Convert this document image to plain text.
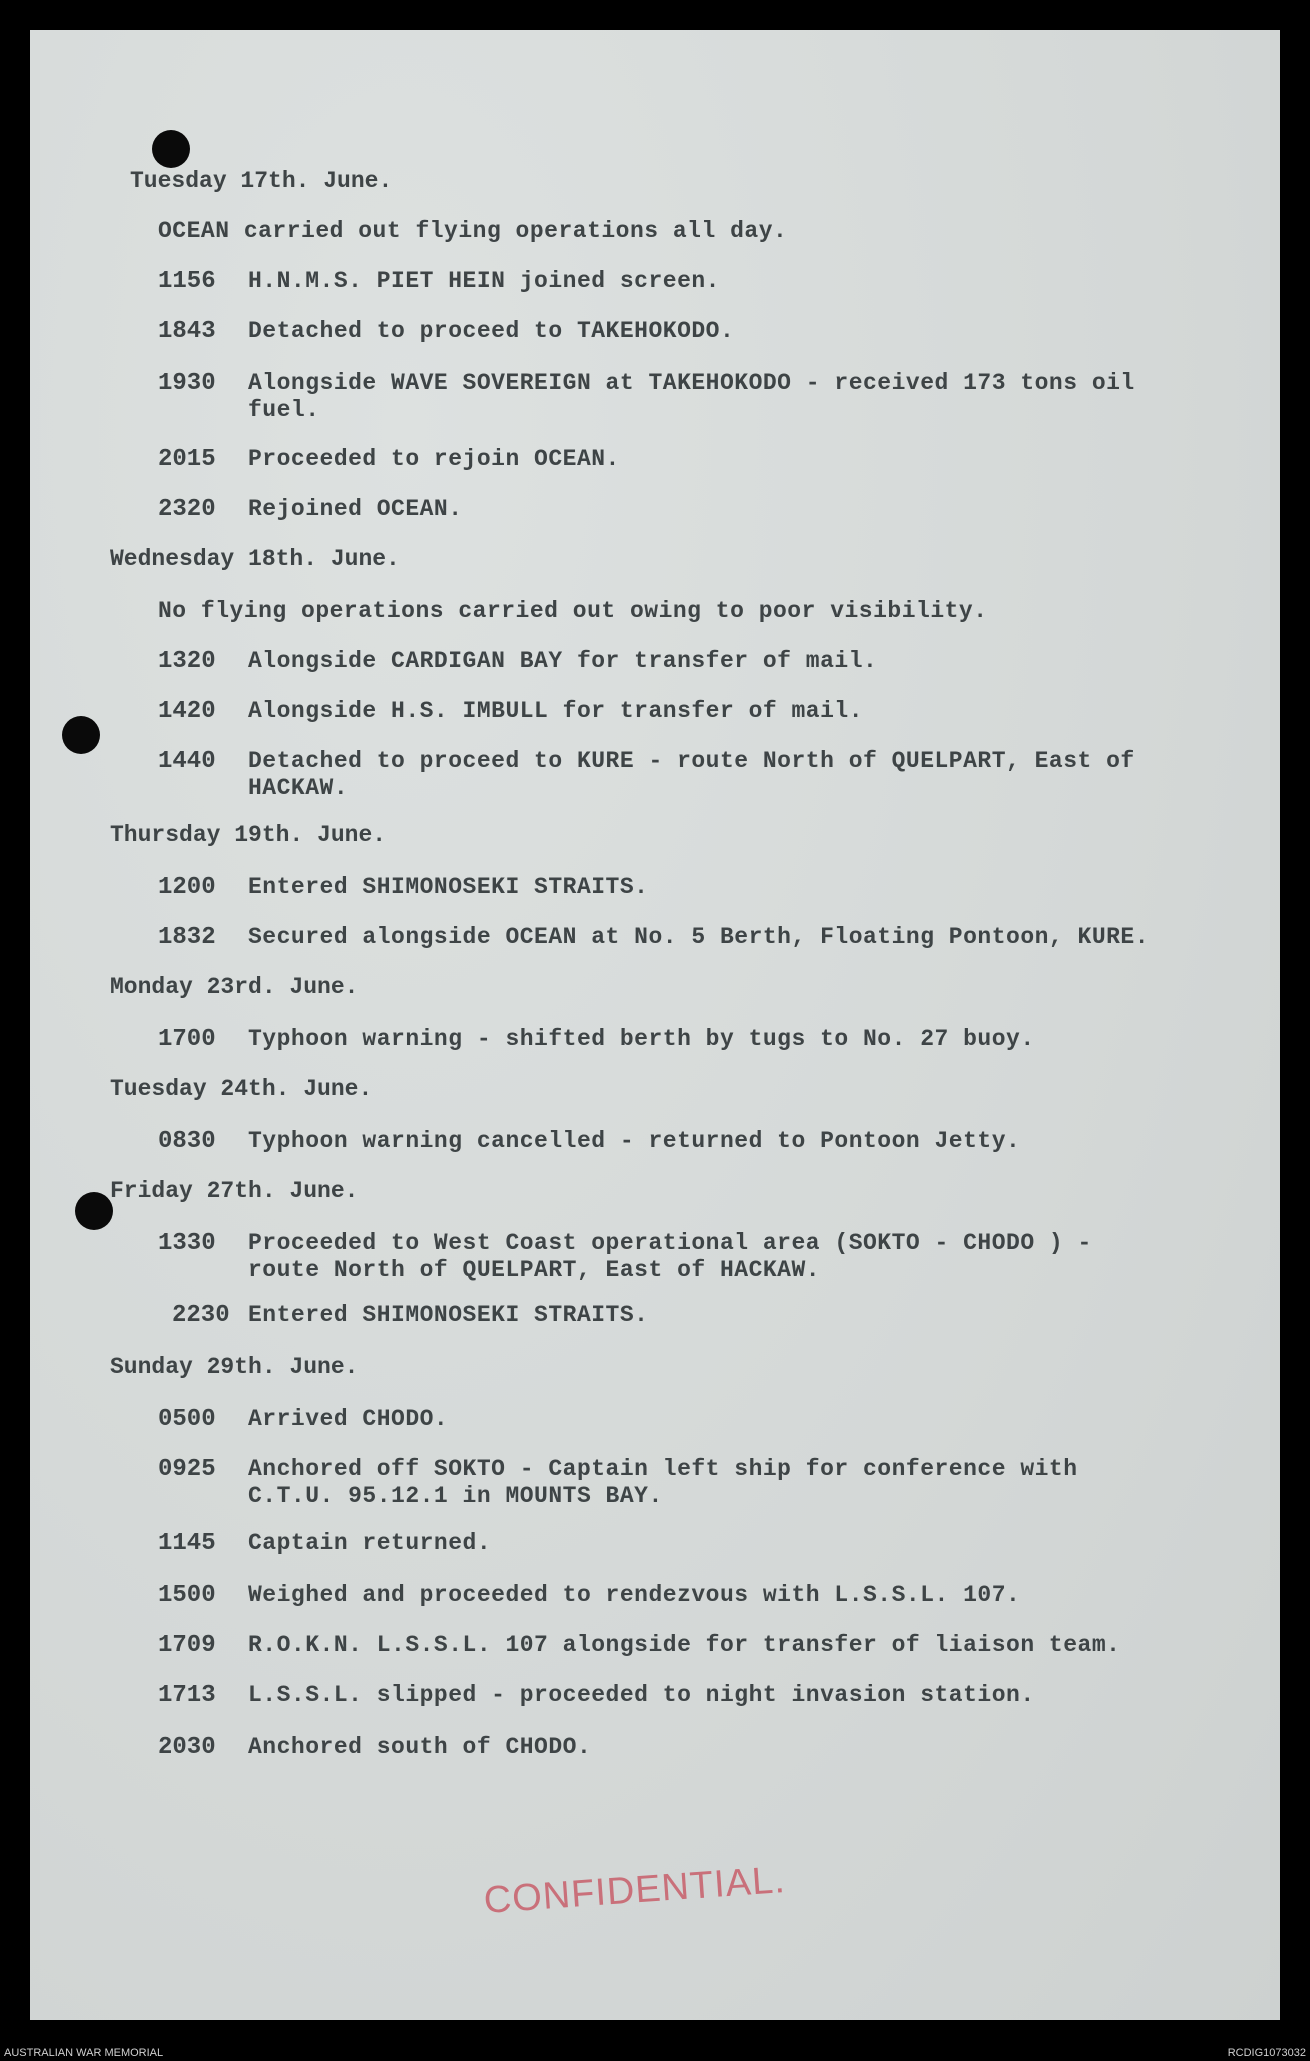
Tuesday 17th. June.
OCEAN carried out flying operations all day.
1156 H.N.M.S. PIET HEIN joined screen.
1843 Detached to proceed to TAKEHOKODO.
1930 Alongside WAVE SOVEREIGN at TAKEHOKODO - received 173 tons oil
fuel.
2015 Proceeded to rejoin OCEAN.
2320 Rejoined OCEAN.
Wednesday 18th. June.
No flying operations carried out owing to poor visibility.
1320 Alongside CARDIGAN BAY for transfer of mail.
1420 Alongside H.S. IMBULL for transfer of mail.
1440 Detached to proceed to KURE - route North of QUELPART, East of
HACKAW.
Thursday 19th. June.
1200 Entered SHIMONOSEKI STRAITS.
1832 Secured alongside OCEAN at No. 5 Berth, Floating Pontoon, KURE.
Monday 23rd. June.
1700 Typhoon warning - shifted berth by tugs to No. 27 buoy.
Tuesday 24th. June.
0830 Typhoon warning cancelled - returned to Pontoon Jetty.
Friday 27th. June.
1330 Proceeded to West Coast operational area (SOKTO - CHODO ) -
route North of QUELPART, East of HACKAW.
2230 Entered SHIMONOSEKI STRAITS.
Sunday 29th. June.
0500 Arrived CHODO.
0925 Anchored off SOKTO - Captain left ship for conference with
C.T.U. 95.12.1 in MOUNTS BAY.
1145 Captain returned.
1500 Weighed and proceeded to rendezvous with L.S.S.L. 107.
1709 R.O.K.N. L.S.S.L. 107 alongside for transfer of liaison team.
1713 L.S.S.L. slipped - proceeded to night invasion station.
2030 Anchored south of CHODO.
CONFIDENTIAL.
AUSTRALIAN WAR MEMORIAL	RCDIG1073032
